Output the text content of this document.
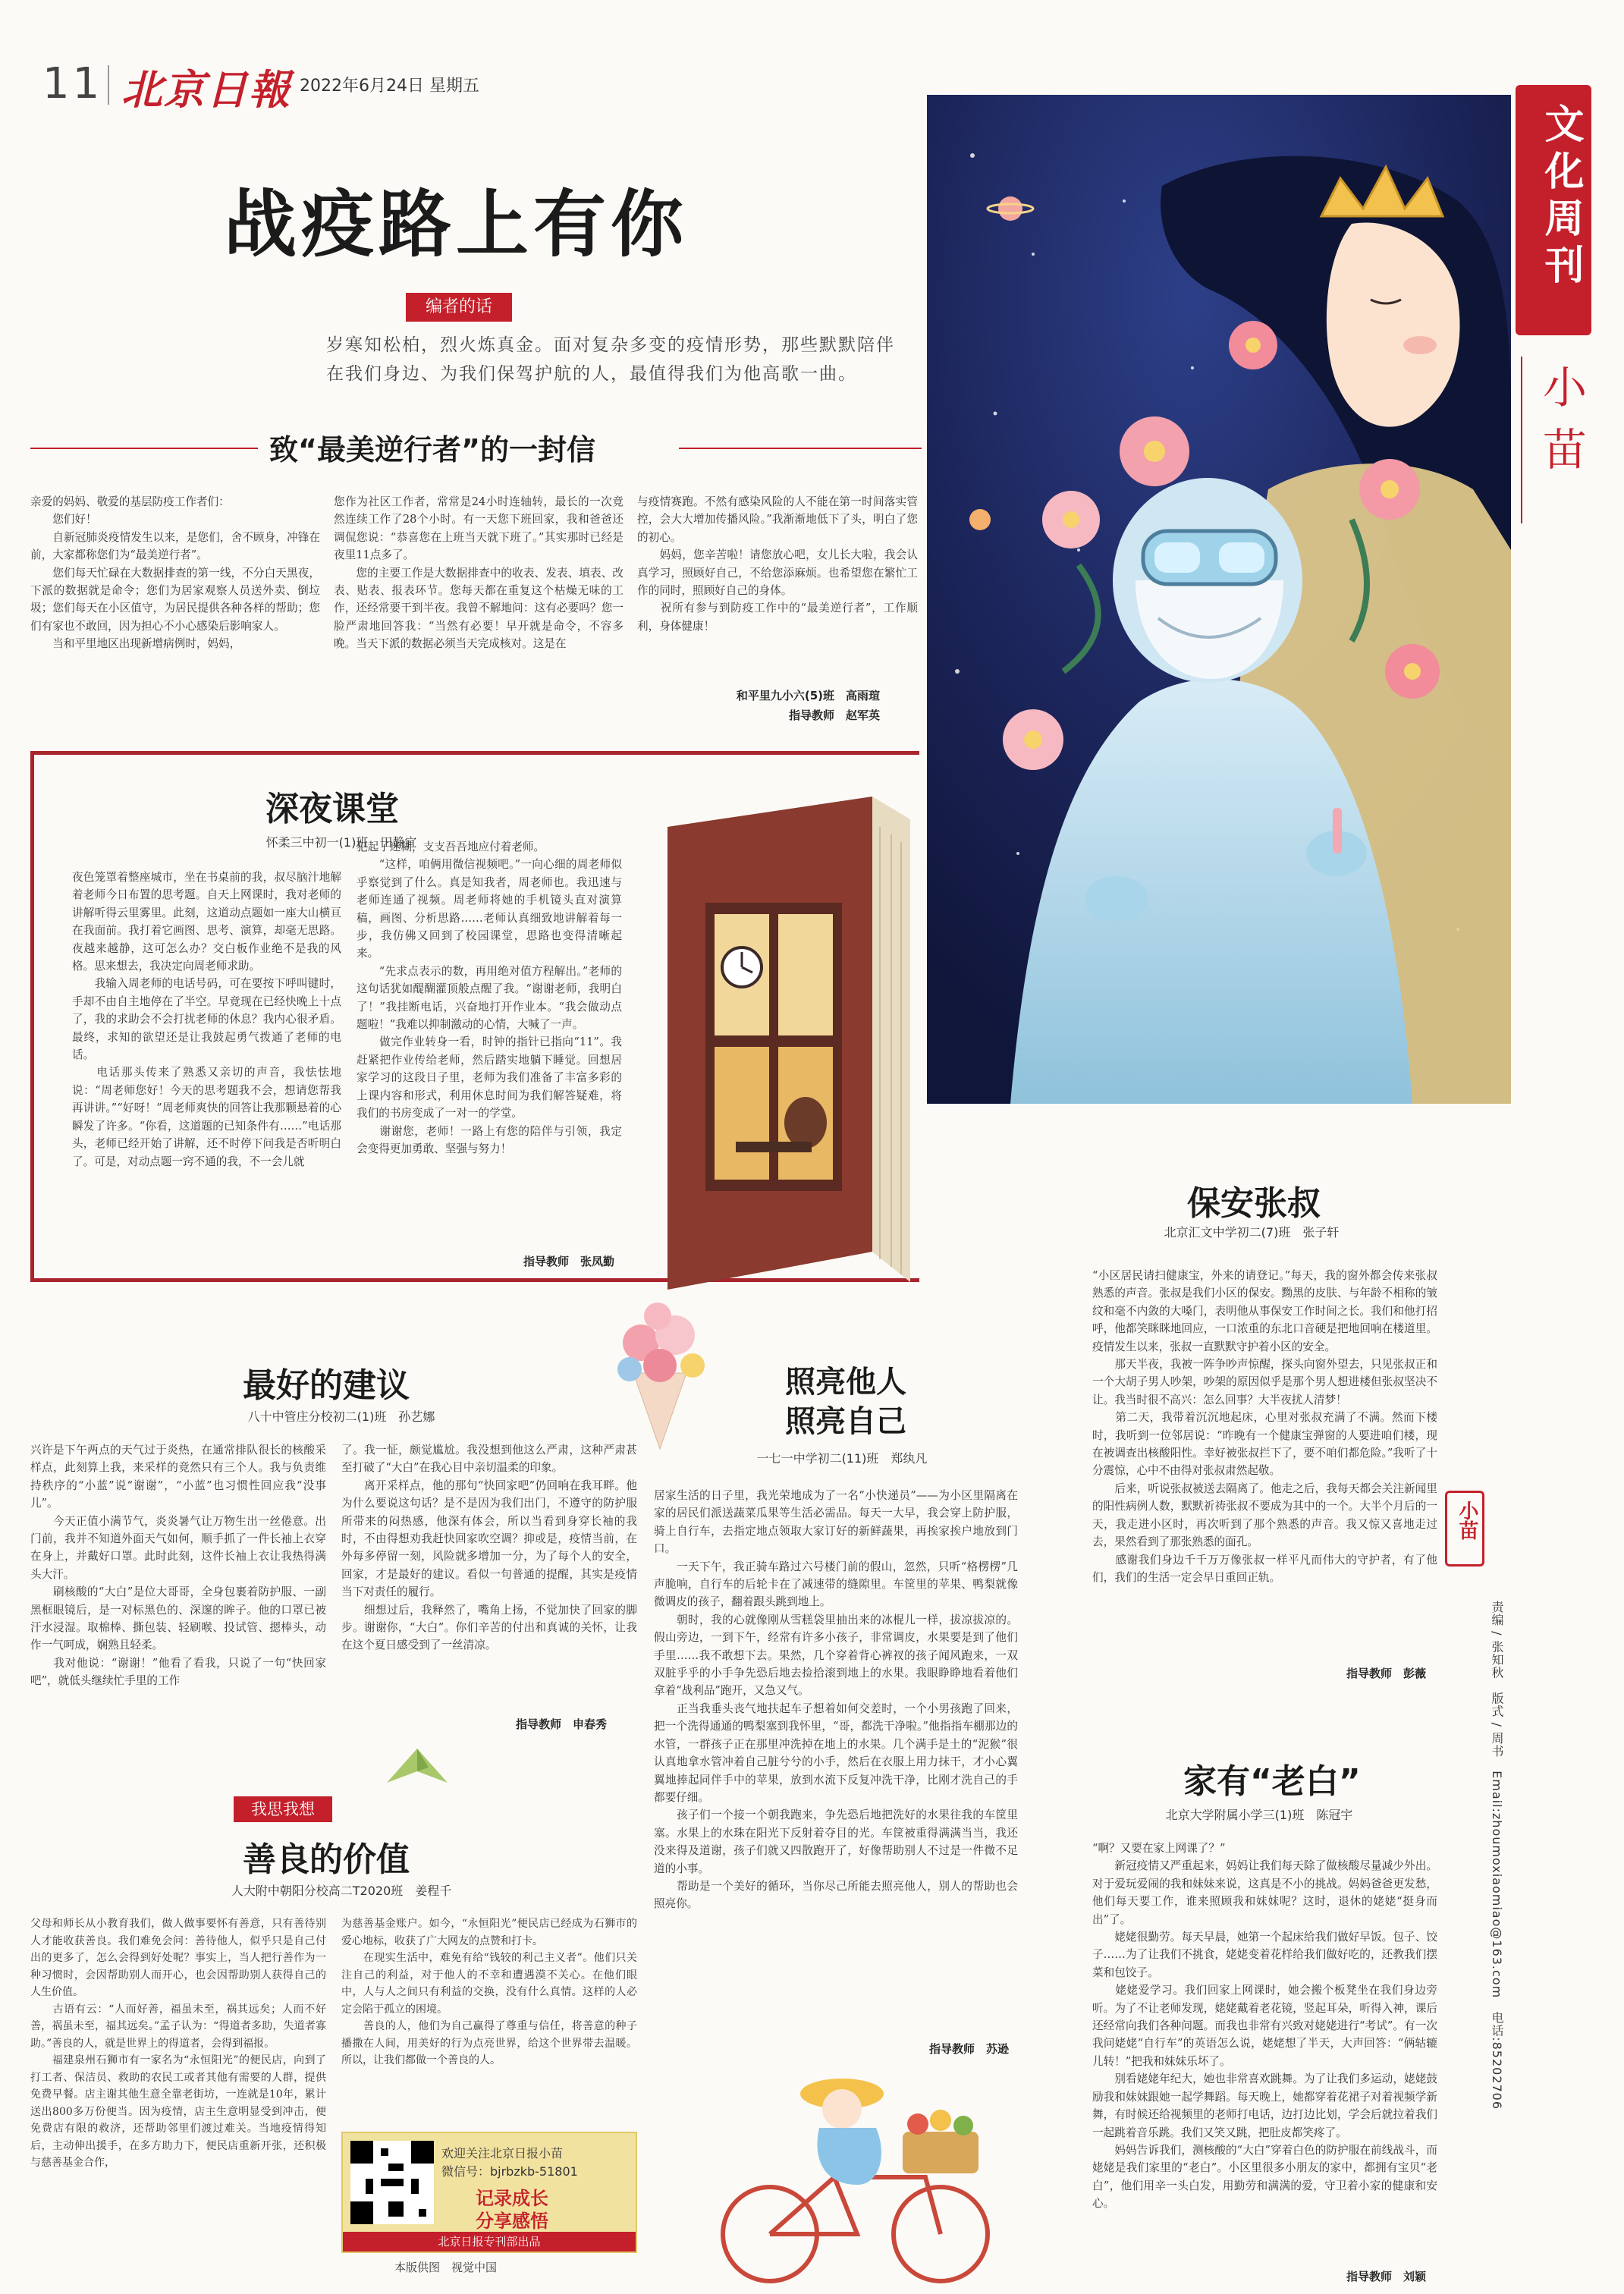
11 北京日報 2022年6月24日 星期五
文化周刊
小苗
战疫路上有你
编者的话
岁寒知松柏，烈火炼真金。面对复杂多变的疫情形势，那些默默陪伴在我们身边、为我们保驾护航的人，最值得我们为他高歌一曲。
致“最美逆行者”的一封信
亲爱的妈妈、敬爱的基层防疫工作者们：
　　您们好！
　　自新冠肺炎疫情发生以来，是您们，舍不顾身，冲锋在前，大家都称您们为“最美逆行者”。
　　您们每天忙碌在大数据排查的第一线，不分白天黑夜，下派的数据就是命令；您们为居家观察人员送外卖、倒垃圾；您们每天在小区值守，为居民提供各种各样的帮助；您们有家也不敢回，因为担心不小心感染后影响家人。
　　当和平里地区出现新增病例时，妈妈，
您作为社区工作者，常常是24小时连轴转，最长的一次竟然连续工作了28个小时。有一天您下班回家，我和爸爸还调侃您说：“恭喜您在上班当天就下班了。”其实那时已经是夜里11点多了。
　　您的主要工作是大数据排查中的收表、发表、填表、改表、贴表、报表环节。您每天都在重复这个枯燥无味的工作，还经常要干到半夜。我曾不解地问：这有必要吗？您一脸严肃地回答我：“当然有必要！早开就是命令，不容多晚。当天下派的数据必须当天完成核对。这是在
与疫情赛跑。不然有感染风险的人不能在第一时间落实管控，会大大增加传播风险。”我渐渐地低下了头，明白了您的初心。
　　妈妈，您辛苦啦！请您放心吧，女儿长大啦，我会认真学习，照顾好自己，不给您添麻烦。也希望您在繁忙工作的同时，照顾好自己的身体。
　　祝所有参与到防疫工作中的“最美逆行者”，工作顺利，身体健康！
和平里九小六(5)班　高雨瑄
指导教师　赵军英
深夜课堂
怀柔三中初一(1)班　田静宜
夜色笼罩着整座城市，坐在书桌前的我，叔尽脑汁地解着老师今日布置的思考题。自天上网课时，我对老师的讲解听得云里雾里。此刻，这道动点题如一座大山横亘在我面前。我打着它画图、思考、演算，却毫无思路。夜越来越静，这可怎么办？交白板作业绝不是我的风格。思来想去，我决定向周老师求助。
　　我输入周老师的电话号码，可在要按下呼叫键时，手却不由自主地停在了半空。早竟现在已经快晚上十点了，我的求助会不会打扰老师的休息？我内心很矛盾。最终，求知的欲望还是让我鼓起勇气拨通了老师的电话。
　　电话那头传来了熟悉又亲切的声音，我怯怯地说：“周老师您好！今天的思考题我不会，想请您帮我再讲讲。”“好呀！”周老师爽快的回答让我那颗悬着的心瞬发了许多。“你看，这道题的已知条件有……”电话那头，老师已经开始了讲解，还不时停下问我是否听明白了。可是，对动点题一窍不通的我，不一会儿就
犯起了迷糊，支支吾吾地应付着老师。
　　“这样，咱俩用微信视频吧。”一向心细的周老师似乎察觉到了什么。真是知我者，周老师也。我迅速与老师连通了视频。周老师将她的手机镜头直对演算稿，画图、分析思路……老师认真细致地讲解着每一步，我仿佛又回到了校园课堂，思路也变得清晰起来。
　　“先求点表示的数，再用绝对值方程解出。”老师的这句话犹如醍醐灌顶般点醒了我。“谢谢老师，我明白了！”我挂断电话，兴奋地打开作业本。“我会做动点题啦！”我难以抑制激动的心情，大喊了一声。
　　做完作业转身一看，时钟的指针已指向“11”。我赶紧把作业传给老师，然后踏实地躺下睡觉。回想居家学习的这段日子里，老师为我们准备了丰富多彩的上课内容和形式，利用休息时间为我们解答疑难，将我们的书房变成了一对一的学堂。
　　谢谢您，老师！一路上有您的陪伴与引领，我定会变得更加勇敢、坚强与努力！
指导教师　张凤勤
最好的建议
八十中管庄分校初二(1)班　孙艺娜
兴许是下午两点的天气过于炎热，在通常排队很长的核酸采样点，此刻算上我，来采样的竟然只有三个人。我与负责维持秩序的“小蓝”说“谢谢”，“小蓝”也习惯性回应我“没事儿”。
　　今天正值小满节气，炎炎暑气让万物生出一丝倦意。出门前，我并不知道外面天气如何，顺手抓了一件长袖上衣穿在身上，并戴好口罩。此时此刻，这件长袖上衣让我热得满头大汗。
　　刷核酸的“大白”是位大哥哥，全身包裹着防护服、一副黑框眼镜后，是一对标黑色的、深邃的眸子。他的口罩已被汗水浸湿。取棉棒、撕包装、轻刷喉、投试管、摁棒头，动作一气呵成，娴熟且轻柔。
　　我对他说：“谢谢！”他看了看我，只说了一句“快回家吧”，就低头继续忙手里的工作
了。我一怔，颇觉尴尬。我没想到他这么严肃，这种严肃甚至打破了“大白”在我心目中亲切温柔的印象。
　　离开采样点，他的那句“快回家吧”仍回响在我耳畔。他为什么要说这句话？是不是因为我们出门，不遵守的防护服所带来的闷热感，他深有体会，所以当看到身穿长袖的我时，不由得想劝我赶快回家吹空调？抑或是，疫情当前，在外每多停留一刻，风险就多增加一分，为了每个人的安全，回家，才是最好的建议。看似一句普通的提醒，其实是疫情当下对责任的履行。
　　细想过后，我释然了，嘴角上扬，不觉加快了回家的脚步。谢谢你，“大白”。你们辛苦的付出和真诚的关怀，让我在这个夏日感受到了一丝清凉。
指导教师　申春秀
我思我想
善良的价值
人大附中朝阳分校高二T2020班　姜程千
父母和师长从小教育我们，做人做事要怀有善意，只有善待别人才能收获善良。我们难免会问：善待他人，似乎只是自己付出的更多了，怎么会得到好处呢？事实上，当人把行善作为一种习惯时，会因帮助别人而开心，也会因帮助别人获得自己的人生价值。
　　古语有云：“人而好善，福虽未至，祸其远矣；人而不好善，祸虽未至，福其远矣。”孟子认为：“得道者多助，失道者寡助。”善良的人，就是世界上的得道者，会得到福报。
　　福建泉州石狮市有一家名为“永恒阳光”的便民店，向到了打工者、保洁员、救助的农民工或者其他有需要的人群，提供免费早餐。店主谢其他生意全靠老街坊，一连就是10年，累计送出800多万份便当。因为疫情，店主生意明显受到冲击，便免费店有限的救济，还帮助邻里们渡过难关。当地疫情得知后，主动伸出援手，在多方助力下，便民店重新开张，还积极与慈善基金合作，
为慈善基金账户。如今，“永恒阳光”便民店已经成为石狮市的爱心地标，收获了广大网友的点赞和打卡。
　　在现实生活中，难免有给“钱较的利己主义者”。他们只关注自己的利益，对于他人的不幸和遭遇漠不关心。在他们眼中，人与人之间只有利益的交换，没有什么真情。这样的人必定会陷于孤立的困境。
　　善良的人，他们为自己赢得了尊重与信任，将善意的种子播撒在人间，用美好的行为点亮世界，给这个世界带去温暖。所以，让我们都做一个善良的人。
欢迎关注北京日报小苗
微信号：bjrbzkb-51801
记录成长
分享感悟
北京日报专刊部出品
本版供图　视觉中国
照亮他人
照亮自己
一七一中学初二(11)班　郑纨凡
居家生活的日子里，我光荣地成为了一名“小快递员”——为小区里隔离在家的居民们派送蔬菜瓜果等生活必需品。每天一大早，我会穿上防护服，骑上自行车，去指定地点领取大家订好的新鲜蔬果，再挨家挨户地放到门口。
　　一天下午，我正骑车路过六号楼门前的假山，忽然，只听“格楞楞”几声脆响，自行车的后轮卡在了减速带的缝隙里。车筐里的苹果、鸭梨就像微调皮的孩子，翻着跟头跳到地上。
　　朝时，我的心就像刚从雪糕袋里抽出来的冰棍儿一样，拔凉拔凉的。假山旁边，一到下午，经常有许多小孩子，非常调皮，水果要是到了他们手里……我不敢想下去。果然，几个穿着背心裤衩的孩子闻风跑来，一双双脏乎乎的小手争先恐后地去捡拾滚到地上的水果。我眼睁睁地看着他们拿着“战利品”跑开，又急又气。
　　正当我垂头丧气地扶起车子想着如何交差时，一个小男孩跑了回来，把一个洗得通通的鸭梨塞到我怀里，“哥，都洗干净啦。”他指指车棚那边的水管，一群孩子正在那里冲洗掉在地上的水果。几个满手是土的“泥猴”很认真地拿水管冲着自己脏兮兮的小手，然后在衣服上用力抹干，才小心翼翼地捧起同伴手中的苹果，放到水流下反复冲洗干净，比刚才洗自己的手都要仔细。
　　孩子们一个接一个朝我跑来，争先恐后地把洗好的水果往我的车筐里塞。水果上的水珠在阳光下反射着夺目的光。车筐被重得满满当当，我还没来得及道谢，孩子们就又四散跑开了，好像帮助别人不过是一件微不足道的小事。
　　帮助是一个美好的循环，当你尽己所能去照亮他人，别人的帮助也会照亮你。
指导教师　苏逊
保安张叔
北京汇文中学初二(7)班　张子轩
“小区居民请扫健康宝，外来的请登记。”每天，我的窗外都会传来张叔熟悉的声音。张叔是我们小区的保安。黝黑的皮肤、与年龄不相称的皱纹和毫不内敛的大嗓门，表明他从事保安工作时间之长。我们和他打招呼，他都笑眯眯地回应，一口浓重的东北口音硬是把地回响在楼道里。疫情发生以来，张叔一直默默守护着小区的安全。
　　那天半夜，我被一阵争吵声惊醒，探头向窗外望去，只见张叔正和一个大胡子男人吵架，吵架的原因似乎是那个男人想进楼但张叔坚决不让。我当时很不高兴：怎么回事？大半夜扰人清梦！
　　第二天，我带着沉沉地起床，心里对张叔充满了不满。然而下楼时，我听到一位邻居说：“昨晚有一个健康宝弹窗的人要进咱们楼，现在被调查出核酸阳性。幸好被张叔拦下了，要不咱们都危险。”我听了十分震惊，心中不由得对张叔肃然起敬。
　　后来，听说张叔被送去隔离了。他走之后，我每天都会关注新闻里的阳性病例人数，默默祈祷张叔不要成为其中的一个。大半个月后的一天，我走进小区时，再次听到了那个熟悉的声音。我又惊又喜地走过去，果然看到了那张熟悉的面孔。
　　感谢我们身边千千万万像张叔一样平凡而伟大的守护者，有了他们，我们的生活一定会早日重回正轨。
指导教师　彭薇
小苗
家有“老白”
北京大学附属小学三(1)班　陈冠宇
“啊？又要在家上网课了？”
　　新冠疫情又严重起来，妈妈让我们每天除了做核酸尽量减少外出。对于爱玩爱闹的我和妹妹来说，这真是不小的挑战。妈妈爸爸更发愁，他们每天要工作，谁来照顾我和妹妹呢？这时，退休的姥姥“挺身而出”了。
　　姥姥很勤劳。每天早晨，她第一个起床给我们做好早饭。包子、饺子……为了让我们不挑食，姥姥变着花样给我们做好吃的，还教我们摆菜和包饺子。
　　姥姥爱学习。我们回家上网课时，她会搬个板凳坐在我们身边旁听。为了不让老师发现，姥姥戴着老花镜，竖起耳朵，听得入神，课后还经常向我们各种问题。而我也非常有兴致对姥姥进行“考试”。有一次我问姥姥“自行车”的英语怎么说，姥姥想了半天，大声回答：“俩轱辘儿转！”把我和妹妹乐坏了。
　　别看姥姥年纪大，她也非常喜欢跳舞。为了让我们多运动，姥姥鼓励我和妹妹跟她一起学舞蹈。每天晚上，她都穿着花裙子对着视频学新舞，有时候还给视频里的老师打电话，边打边比划，学会后就拉着我们一起跳着音乐跳。我们又笑又跳，把肚皮都笑疼了。
　　妈妈告诉我们，测核酸的“大白”穿着白色的防护服在前线战斗，而姥姥是我们家里的“老白”。小区里很多小朋友的家中，都拥有宝贝“老白”，他们用辛一头白发，用勤劳和满满的爱，守卫着小家的健康和安心。
指导教师　刘颖
责编 / 张知秋　版式 / 周书　Email:zhoumoxiaomiao@163.com　电话:85202706
